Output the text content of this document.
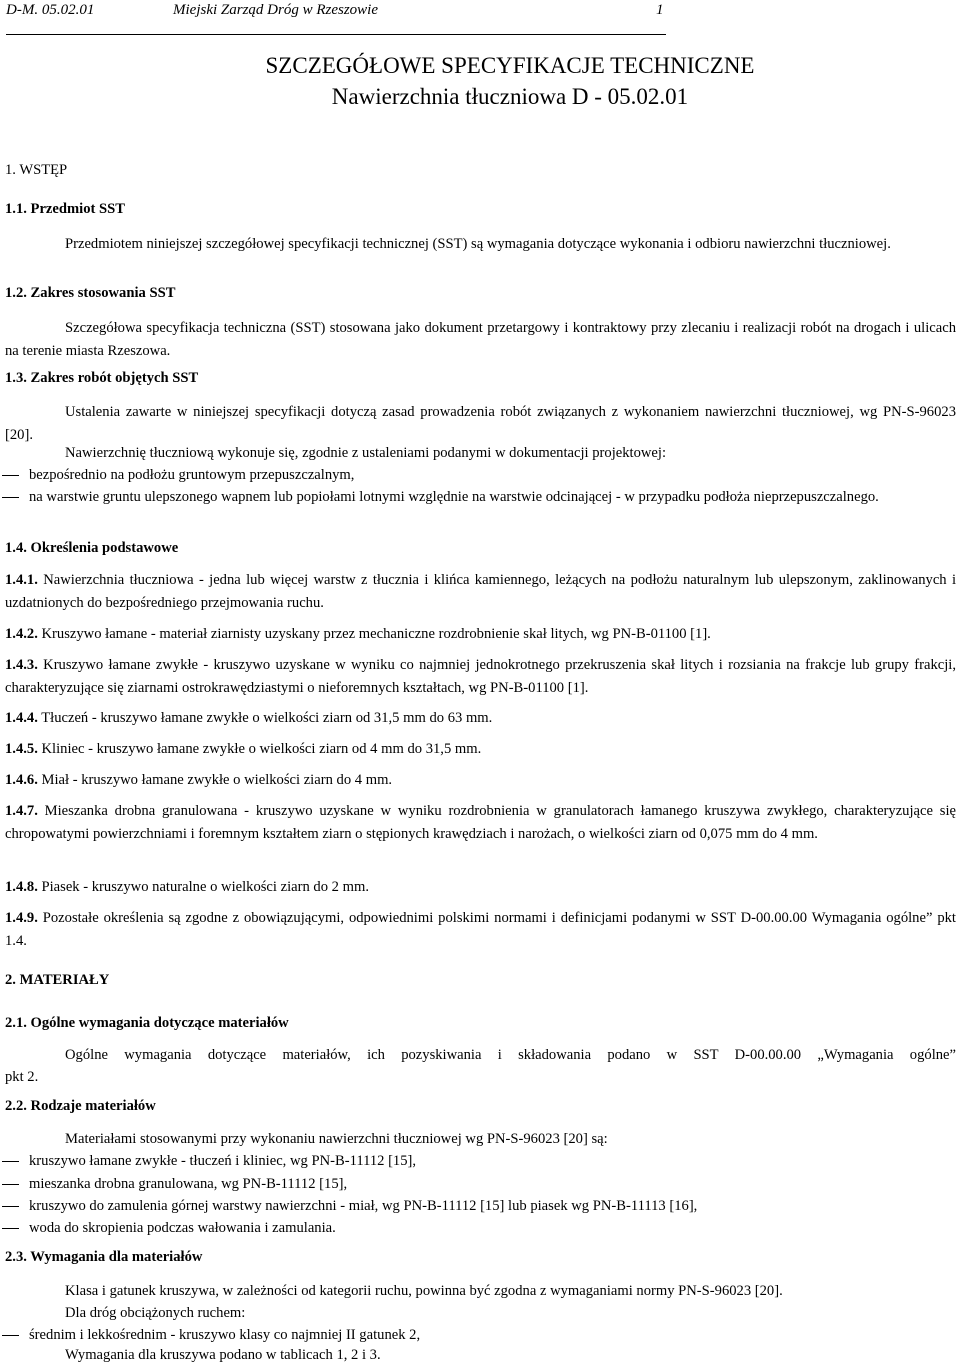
D-M. 05.02.01	Miejski Zarząd Dróg w Rzeszowie	1
SZCZEGÓŁOWE SPECYFIKACJE TECHNICZNE
Nawierzchnia tłuczniowa D - 05.02.01
1. WSTĘP
1.1. Przedmiot SST
Przedmiotem niniejszej szczegółowej specyfikacji technicznej (SST) są wymagania dotyczące wykonania i odbioru nawierzchni tłuczniowej.
1.2. Zakres stosowania SST
Szczegółowa specyfikacja techniczna (SST) stosowana jako dokument przetargowy i kontraktowy przy zlecaniu i realizacji robót na drogach i ulicach na terenie miasta Rzeszowa.
1.3. Zakres robót objętych SST
Ustalenia zawarte w niniejszej specyfikacji dotyczą zasad prowadzenia robót związanych z wykonaniem nawierzchni tłuczniowej, wg PN-S-96023 [20].
Nawierzchnię tłuczniową wykonuje się, zgodnie z ustaleniami podanymi w dokumentacji projektowej:
bezpośrednio na podłożu gruntowym przepuszczalnym,
na warstwie gruntu ulepszonego wapnem lub popiołami lotnymi względnie na warstwie odcinającej - w przypadku podłoża nieprzepuszczalnego.
1.4. Określenia podstawowe
1.4.1. Nawierzchnia tłuczniowa - jedna lub więcej warstw z tłucznia i klińca kamiennego, leżących na podłożu naturalnym lub ulepszonym, zaklinowanych i uzdatnionych do bezpośredniego przejmowania ruchu.
1.4.2. Kruszywo łamane - materiał ziarnisty uzyskany przez mechaniczne rozdrobnienie skał litych, wg PN-B-01100 [1].
1.4.3. Kruszywo łamane zwykłe - kruszywo uzyskane w wyniku co najmniej jednokrotnego przekruszenia skał litych i rozsiania na frakcje lub grupy frakcji, charakteryzujące się ziarnami ostrokrawędziastymi o nieforemnych kształtach, wg PN-B-01100 [1].
1.4.4. Tłuczeń - kruszywo łamane zwykłe o wielkości ziarn od 31,5 mm do 63 mm.
1.4.5. Kliniec - kruszywo łamane zwykłe o wielkości ziarn od 4 mm do 31,5 mm.
1.4.6. Miał - kruszywo łamane zwykłe o wielkości ziarn do 4 mm.
1.4.7. Mieszanka drobna granulowana - kruszywo uzyskane w wyniku rozdrobnienia w granulatorach łamanego kruszywa zwykłego, charakteryzujące się chropowatymi powierzchniami i foremnym kształtem ziarn o stępionych krawędziach i narożach, o wielkości ziarn od 0,075 mm do 4 mm.
1.4.8. Piasek - kruszywo naturalne o wielkości ziarn do 2 mm.
1.4.9. Pozostałe określenia są zgodne z obowiązującymi, odpowiednimi polskimi normami i definicjami podanymi w SST D-00.00.00 Wymagania ogólne” pkt 1.4.
2. MATERIAŁY
2.1. Ogólne wymagania dotyczące materiałów
Ogólne wymagania dotyczące materiałów, ich pozyskiwania i składowania podano w SST D-00.00.00 „Wymagania ogólne”
pkt 2.
2.2. Rodzaje materiałów
Materiałami stosowanymi przy wykonaniu nawierzchni tłuczniowej wg PN-S-96023 [20] są:
kruszywo łamane zwykłe - tłuczeń i kliniec, wg PN-B-11112 [15],
mieszanka drobna granulowana, wg PN-B-11112 [15],
kruszywo do zamulenia górnej warstwy nawierzchni - miał, wg PN-B-11112 [15] lub piasek wg PN-B-11113 [16],
woda do skropienia podczas wałowania i zamulania.
2.3. Wymagania dla materiałów
Klasa i gatunek kruszywa, w zależności od kategorii ruchu, powinna być zgodna z wymaganiami normy PN-S-96023 [20].
Dla dróg obciążonych ruchem:
średnim i lekkośrednim - kruszywo klasy co najmniej II gatunek 2,
Wymagania dla kruszywa podano w tablicach 1, 2 i 3.
